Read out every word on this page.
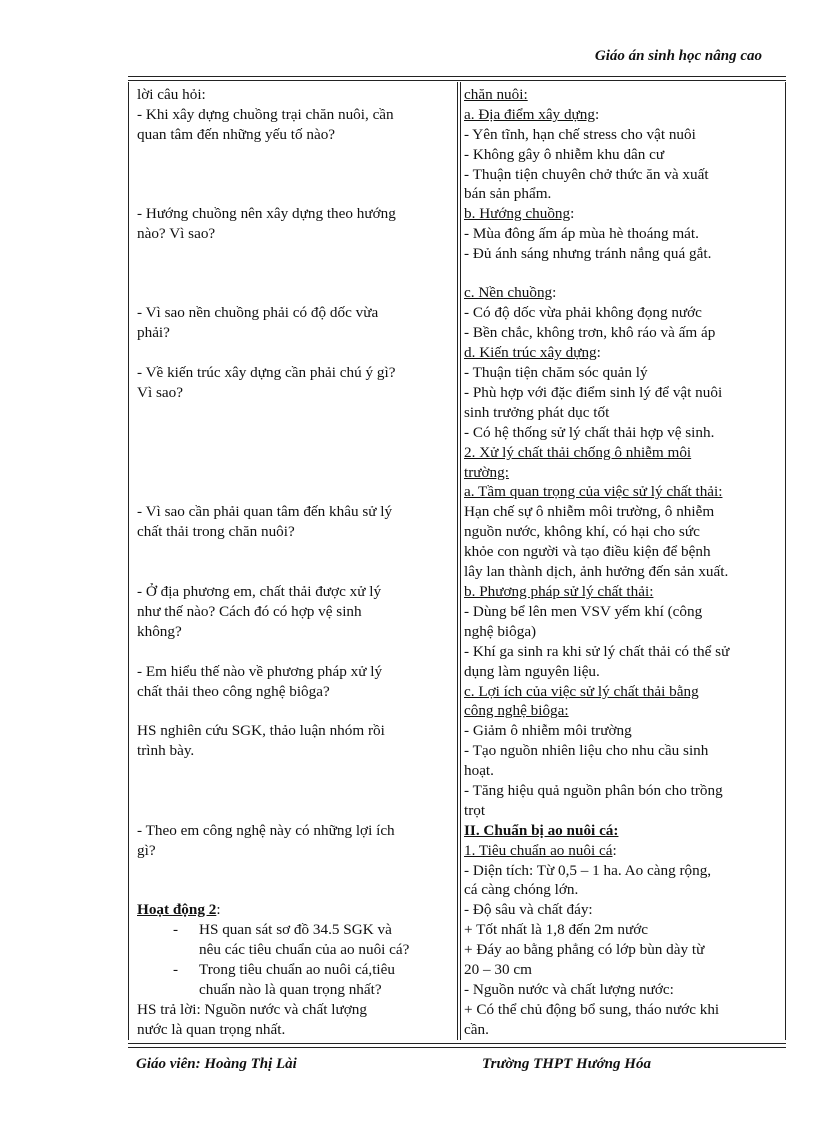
Giáo án sinh học nâng cao
lời câu hỏi:
- Khi xây dựng chuồng trại chăn nuôi, cần
quan tâm đến những yếu tố nào?
- Hướng chuồng nên xây dựng theo hướng
nào? Vì sao?
- Vì sao nền chuồng phải có độ dốc vừa
phải?
- Về kiến trúc xây dựng cần phải chú ý gì?
Vì sao?
- Vì sao cần phải quan tâm đến khâu sử lý
chất thải trong chăn nuôi?
- Ở địa phương em, chất thải được xử lý
như thế nào? Cách đó có hợp vệ sinh
không?
- Em hiểu thế nào về phương pháp xử lý
chất thải theo công nghệ biôga?
HS nghiên cứu SGK, thảo luận nhóm rồi
trình bày.
- Theo em công nghệ này có những lợi ích
gì?
Hoạt động 2:
- HS quan sát sơ đồ 34.5 SGK và
nêu các tiêu chuẩn của ao nuôi cá?
- Trong tiêu chuẩn ao nuôi cá,tiêu
chuẩn nào là quan trọng nhất?
HS trả lời: Nguồn nước và chất lượng
nước là quan trọng nhất.
chăn nuôi:
a. Địa điểm xây dựng:
- Yên tĩnh, hạn chế stress cho vật nuôi
- Không gây ô nhiễm khu dân cư
- Thuận tiện chuyên chở thức ăn và xuất
bán sản phẩm.
b. Hướng chuồng:
- Mùa đông ấm áp mùa hè thoáng mát.
- Đủ ánh sáng nhưng tránh nắng quá gắt.
c. Nền chuồng:
- Có độ dốc vừa phải không đọng nước
- Bền chắc, không trơn, khô ráo và ấm áp
d. Kiến trúc xây dựng:
- Thuận tiện chăm sóc quản lý
- Phù hợp với đặc điểm sinh lý để vật nuôi
sinh trưởng phát dục tốt
- Có hệ thống sử lý chất thải hợp vệ sinh.
2. Xử lý chất thải chống ô nhiễm môi
trường:
a. Tầm quan trọng của việc sử lý chất thải:
Hạn chế sự ô nhiễm môi trường, ô nhiễm
nguồn nước, không khí, có hại cho sức
khỏe con người và tạo điều kiện để bệnh
lây lan thành dịch, ảnh hưởng đến sản xuất.
b. Phương pháp sử lý chất thải:
- Dùng bể lên men VSV yếm khí (công
nghệ biôga)
- Khí ga sinh ra khi sử lý chất thải có thể sử
dụng làm nguyên liệu.
c. Lợi ích của việc sử lý chất thải bằng
công nghệ biôga:
- Giảm ô nhiễm môi trường
- Tạo nguồn nhiên liệu cho nhu cầu sinh
hoạt.
- Tăng hiệu quả nguồn phân bón cho trồng
trọt
II. Chuẩn bị ao nuôi cá:
1. Tiêu chuẩn ao nuôi cá:
- Diện tích: Từ 0,5 – 1 ha. Ao càng rộng,
cá càng chóng lớn.
- Độ sâu và chất đáy:
+ Tốt nhất là 1,8 đến 2m nước
+ Đáy ao bằng phẳng có lớp bùn dày từ
20 – 30 cm
- Nguồn nước và chất lượng nước:
+ Có thể chủ động bổ sung, tháo nước khi
cần.
Giáo viên: Hoàng Thị Lài	Trường THPT Hướng Hóa
